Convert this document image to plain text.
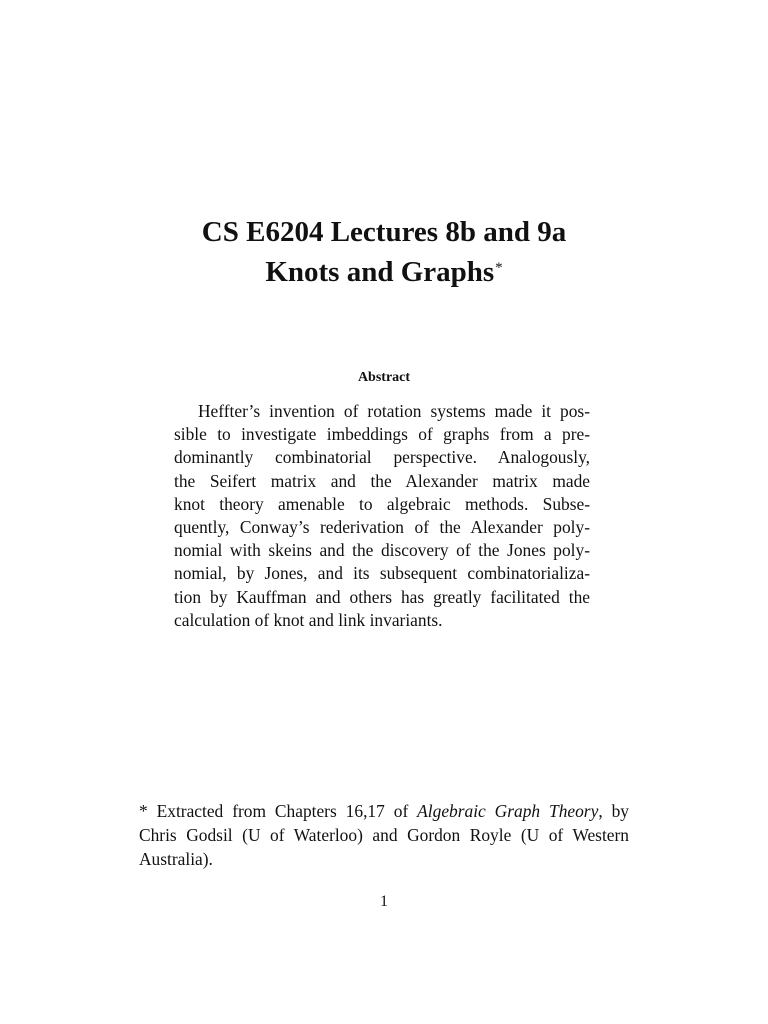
CS E6204 Lectures 8b and 9a
Knots and Graphs*
Abstract
Heffter’s invention of rotation systems made it pos-
sible to investigate imbeddings of graphs from a pre-
dominantly combinatorial perspective. Analogously,
the Seifert matrix and the Alexander matrix made
knot theory amenable to algebraic methods. Subse-
quently, Conway’s rederivation of the Alexander poly-
nomial with skeins and the discovery of the Jones poly-
nomial, by Jones, and its subsequent combinatorializa-
tion by Kauffman and others has greatly facilitated the
calculation of knot and link invariants.
* Extracted from Chapters 16,17 of Algebraic Graph Theory, by
Chris Godsil (U of Waterloo) and Gordon Royle (U of Western
Australia).
1
